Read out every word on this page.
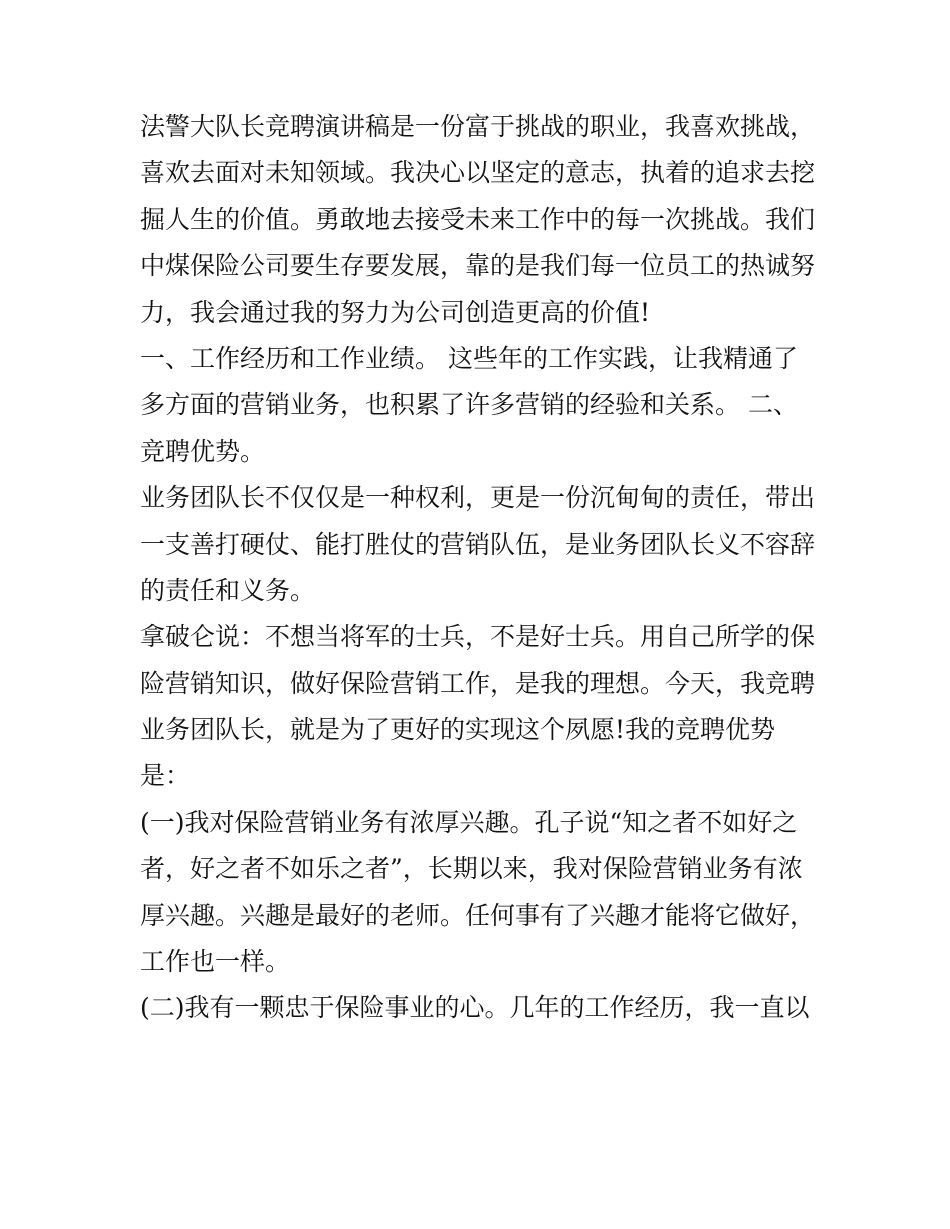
法警大队长竞聘演讲稿是一份富于挑战的职业，我喜欢挑战，
喜欢去面对未知领域。我决心以坚定的意志，执着的追求去挖
掘人生的价值。勇敢地去接受未来工作中的每一次挑战。我们
中煤保险公司要生存要发展，靠的是我们每一位员工的热诚努
力，我会通过我的努力为公司创造更高的价值!
一、工作经历和工作业绩。 这些年的工作实践，让我精通了
多方面的营销业务，也积累了许多营销的经验和关系。 二、
竞聘优势。
业务团队长不仅仅是一种权利，更是一份沉甸甸的责任，带出
一支善打硬仗、能打胜仗的营销队伍，是业务团队长义不容辞
的责任和义务。
拿破仑说：不想当将军的士兵，不是好士兵。用自己所学的保
险营销知识，做好保险营销工作，是我的理想。今天，我竞聘
业务团队长，就是为了更好的实现这个夙愿!我的竞聘优势
是：
(一)我对保险营销业务有浓厚兴趣。孔子说“知之者不如好之
者，好之者不如乐之者”，长期以来，我对保险营销业务有浓
厚兴趣。兴趣是最好的老师。任何事有了兴趣才能将它做好，
工作也一样。
(二)我有一颗忠于保险事业的心。几年的工作经历，我一直以
